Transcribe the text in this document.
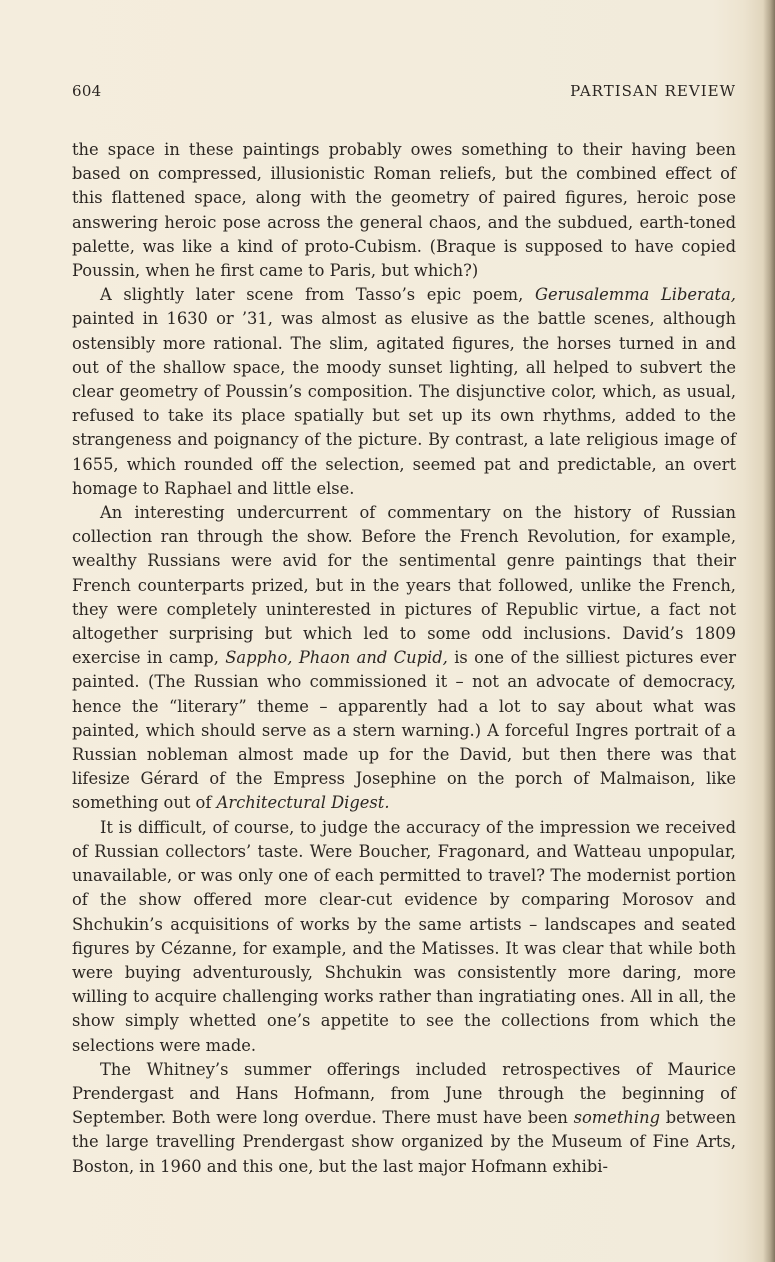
604	PARTISAN REVIEW

the space in these paintings probably owes something to their having been based on compressed, illusionistic Roman reliefs, but the combined effect of this flattened space, along with the geometry of paired figures, heroic pose answering heroic pose across the general chaos, and the subdued, earth-toned palette, was like a kind of proto-Cubism. (Braque is supposed to have copied Poussin, when he first came to Paris, but which?)

A slightly later scene from Tasso’s epic poem, Gerusalemma Liberata, painted in 1630 or ’31, was almost as elusive as the battle scenes, although ostensibly more rational. The slim, agitated figures, the horses turned in and out of the shallow space, the moody sunset lighting, all helped to subvert the clear geometry of Poussin’s composition. The disjunctive color, which, as usual, refused to take its place spatially but set up its own rhythms, added to the strangeness and poignancy of the picture. By contrast, a late religious image of 1655, which rounded off the selection, seemed pat and predictable, an overt homage to Raphael and little else.

An interesting undercurrent of commentary on the history of Russian collection ran through the show. Before the French Revolution, for example, wealthy Russians were avid for the sentimental genre paintings that their French counterparts prized, but in the years that followed, unlike the French, they were completely uninterested in pictures of Republic virtue, a fact not altogether surprising but which led to some odd inclusions. David’s 1809 exercise in camp, Sappho, Phaon and Cupid, is one of the silliest pictures ever painted. (The Russian who commissioned it – not an advocate of democracy, hence the “literary” theme – apparently had a lot to say about what was painted, which should serve as a stern warning.) A forceful Ingres portrait of a Russian nobleman almost made up for the David, but then there was that lifesize Gérard of the Empress Josephine on the porch of Malmaison, like something out of Architectural Digest.

It is difficult, of course, to judge the accuracy of the impression we received of Russian collectors’ taste. Were Boucher, Fragonard, and Watteau unpopular, unavailable, or was only one of each permitted to travel? The modernist portion of the show offered more clear-cut evidence by comparing Morosov and Shchukin’s acquisitions of works by the same artists – landscapes and seated figures by Cézanne, for example, and the Matisses. It was clear that while both were buying adventurously, Shchukin was consistently more daring, more willing to acquire challenging works rather than ingratiating ones. All in all, the show simply whetted one’s appetite to see the collections from which the selections were made.

The Whitney’s summer offerings included retrospectives of Maurice Prendergast and Hans Hofmann, from June through the beginning of September. Both were long overdue. There must have been something between the large travelling Prendergast show organized by the Museum of Fine Arts, Boston, in 1960 and this one, but the last major Hofmann exhibi-
